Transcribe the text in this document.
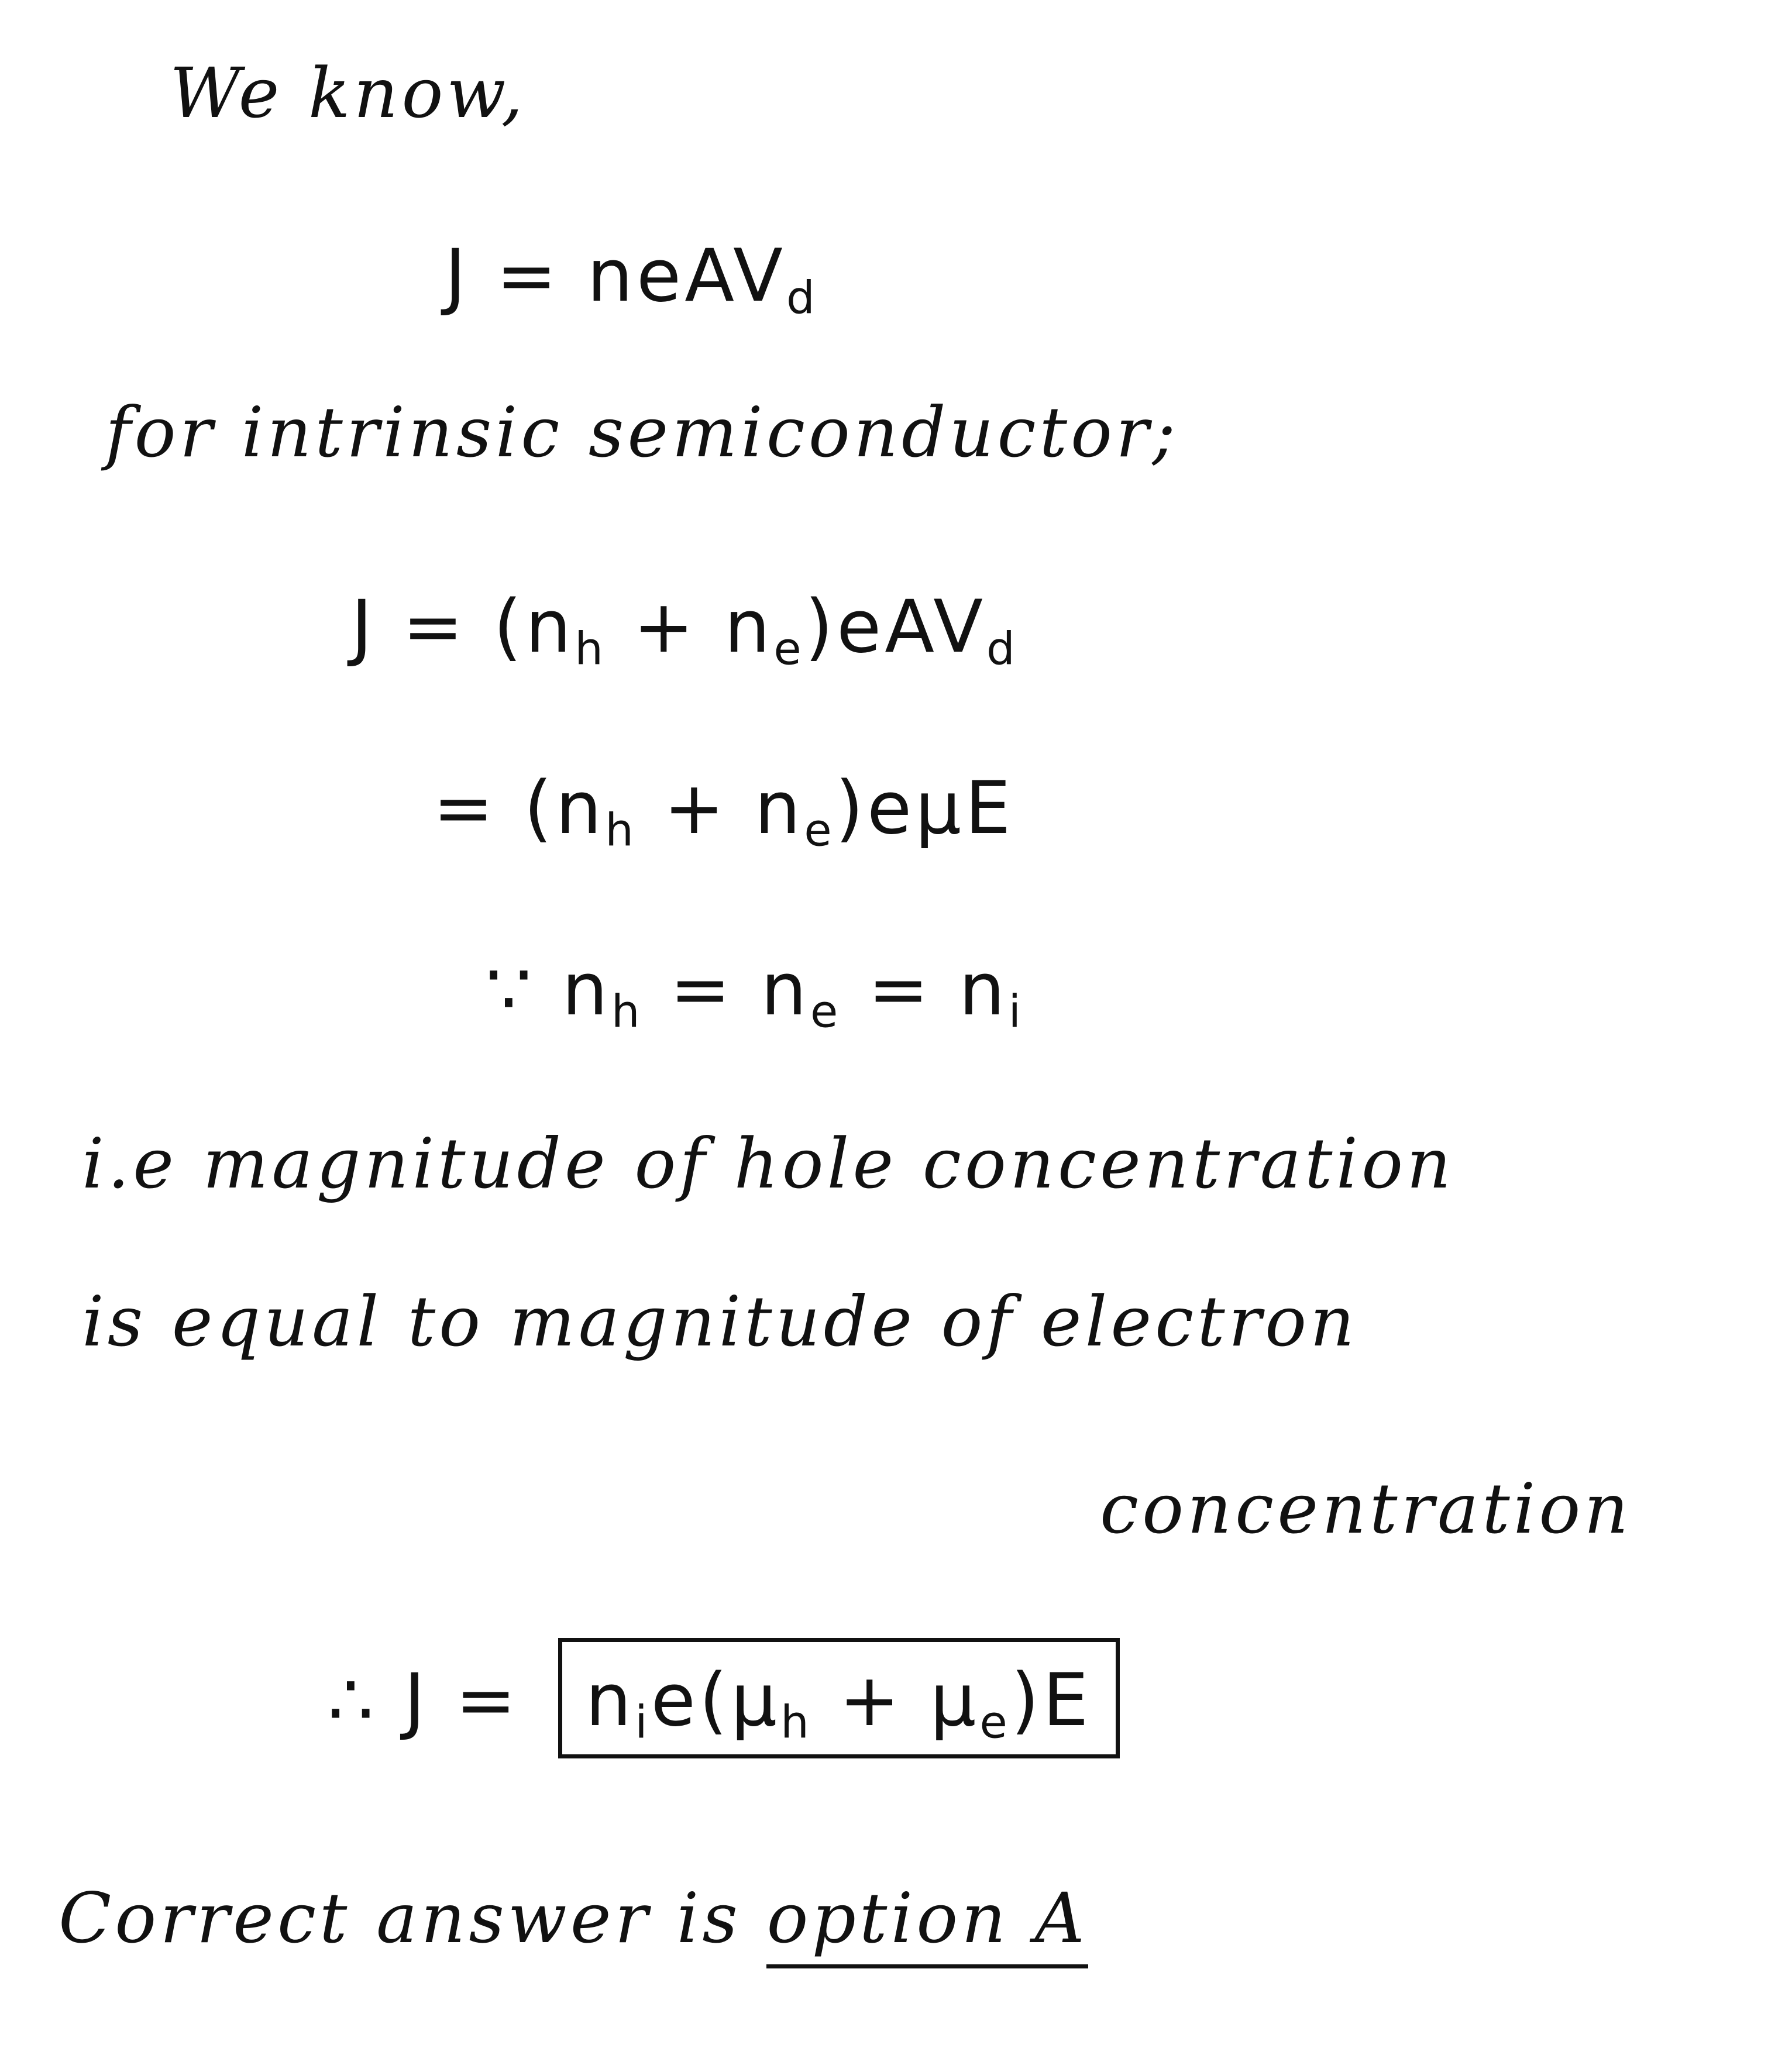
We know,
J = neAV$_d$
for intrinsic semiconductor;
$J = (n_h + n_e)eAV_d$
= $(n_h + n_e)e\mu E$
∵ $n_h = n_e = n_i$
i.e magnitude of hole concentration
is equal to magnitude of electron
concentration
∴ $J = n_ie(\mu_h + \mu_e)E$
Correct answer is option A
